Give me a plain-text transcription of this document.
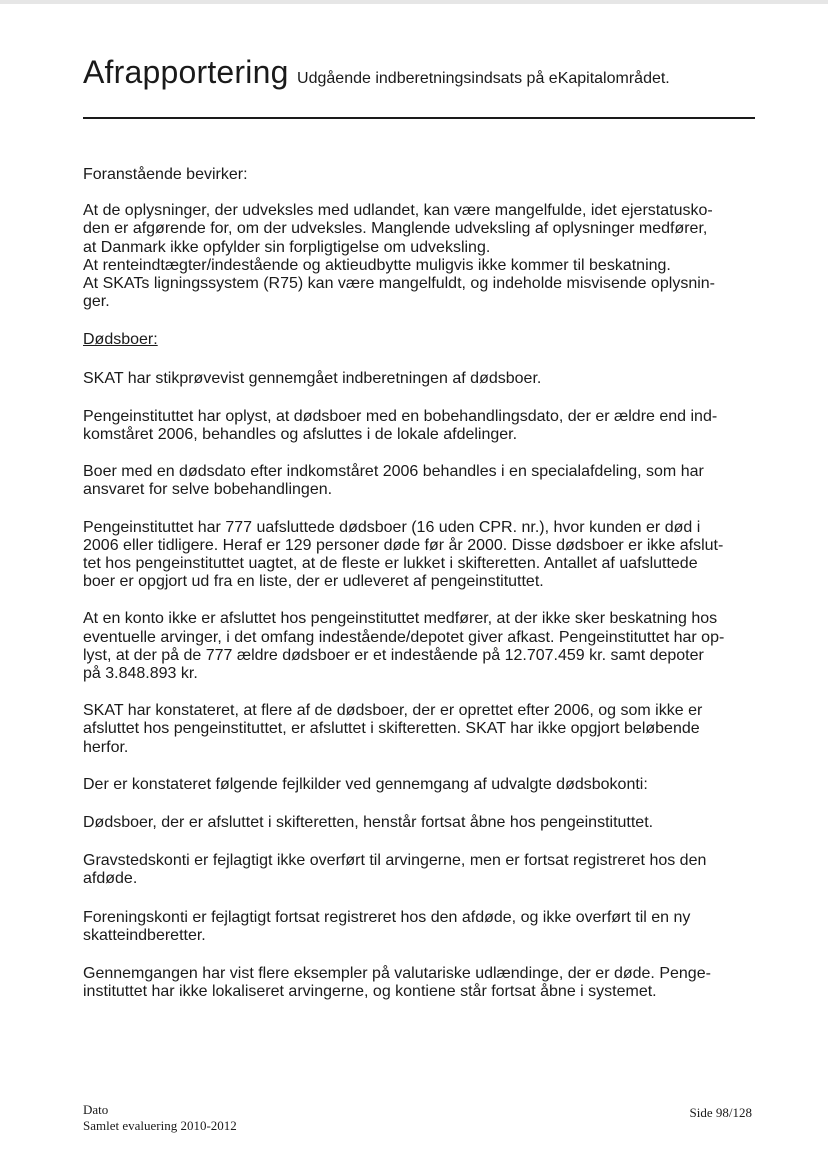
Afrapportering Udgående indberetningsindsats på eKapitalområdet.

Foranstående bevirker:

At de oplysninger, der udveksles med udlandet, kan være mangelfulde, idet ejerstatusko-
den er afgørende for, om der udveksles. Manglende udveksling af oplysninger medfører,
at Danmark ikke opfylder sin forpligtigelse om udveksling.
At renteindtægter/indestående og aktieudbytte muligvis ikke kommer til beskatning.
At SKATs ligningssystem (R75) kan være mangelfuldt, og indeholde misvisende oplysnin-
ger.

Dødsboer:

SKAT har stikprøvevist gennemgået indberetningen af dødsboer.

Pengeinstituttet har oplyst, at dødsboer med en bobehandlingsdato, der er ældre end ind-
komståret 2006, behandles og afsluttes i de lokale afdelinger.

Boer med en dødsdato efter indkomståret 2006 behandles i en specialafdeling, som har
ansvaret for selve bobehandlingen.

Pengeinstituttet har 777 uafsluttede dødsboer (16 uden CPR. nr.), hvor kunden er død i
2006 eller tidligere. Heraf er 129 personer døde før år 2000. Disse dødsboer er ikke afslut-
tet hos pengeinstituttet uagtet, at de fleste er lukket i skifteretten. Antallet af uafsluttede
boer er opgjort ud fra en liste, der er udleveret af pengeinstituttet.

At en konto ikke er afsluttet hos pengeinstituttet medfører, at der ikke sker beskatning hos
eventuelle arvinger, i det omfang indestående/depotet giver afkast. Pengeinstituttet har op-
lyst, at der på de 777 ældre dødsboer er et indestående på 12.707.459 kr. samt depoter
på 3.848.893 kr.

SKAT har konstateret, at flere af de dødsboer, der er oprettet efter 2006, og som ikke er
afsluttet hos pengeinstituttet, er afsluttet i skifteretten. SKAT har ikke opgjort beløbende
herfor.

Der er konstateret følgende fejlkilder ved gennemgang af udvalgte dødsbokonti:

Dødsboer, der er afsluttet i skifteretten, henstår fortsat åbne hos pengeinstituttet.

Gravstedskonti er fejlagtigt ikke overført til arvingerne, men er fortsat registreret hos den
afdøde.

Foreningskonti er fejlagtigt fortsat registreret hos den afdøde, og ikke overført til en ny
skatteindberetter.

Gennemgangen har vist flere eksempler på valutariske udlændinge, der er døde. Penge-
instituttet har ikke lokaliseret arvingerne, og kontiene står fortsat åbne i systemet.

Dato
Samlet evaluering 2010-2012
Side 98/128
